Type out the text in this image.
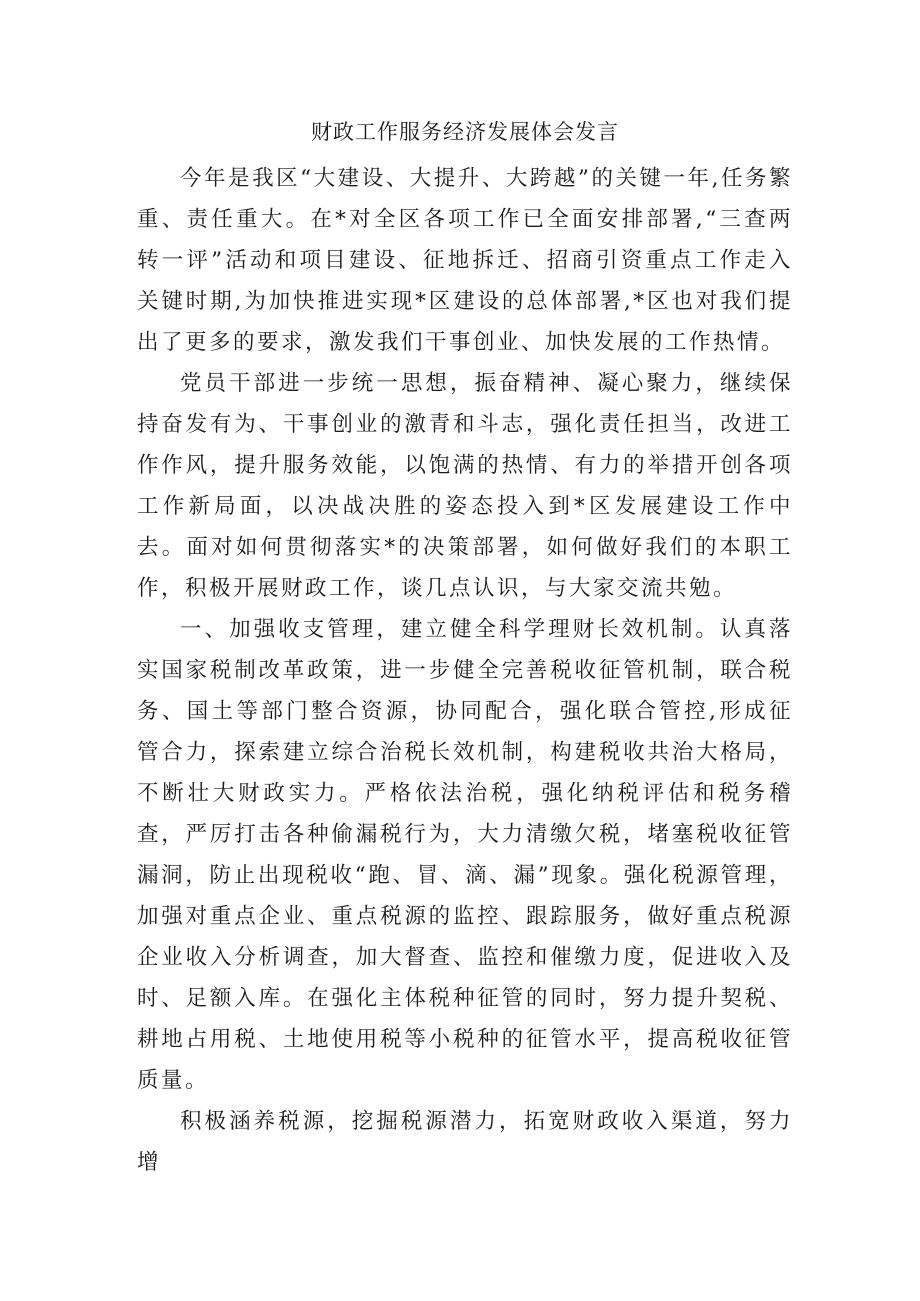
财政工作服务经济发展体会发言

今年是我区“大建设、大提升、大跨越”的关键一年,任务繁重、责任重大。在*对全区各项工作已全面安排部署,“三查两转一评”活动和项目建设、征地拆迁、招商引资重点工作走入关键时期,为加快推进实现*区建设的总体部署,*区也对我们提出了更多的要求，激发我们干事创业、加快发展的工作热情。

党员干部进一步统一思想，振奋精神、凝心聚力，继续保持奋发有为、干事创业的激青和斗志，强化责任担当，改进工作作风，提升服务效能，以饱满的热情、有力的举措开创各项工作新局面，以决战决胜的姿态投入到*区发展建设工作中去。面对如何贯彻落实*的决策部署，如何做好我们的本职工作，积极开展财政工作，谈几点认识，与大家交流共勉。

一、加强收支管理，建立健全科学理财长效机制。认真落实国家税制改革政策，进一步健全完善税收征管机制，联合税务、国土等部门整合资源，协同配合，强化联合管控,形成征管合力，探索建立综合治税长效机制，构建税收共治大格局，不断壮大财政实力。严格依法治税，强化纳税评估和税务稽查，严厉打击各种偷漏税行为，大力清缴欠税，堵塞税收征管漏洞，防止出现税收“跑、冒、滴、漏”现象。强化税源管理，加强对重点企业、重点税源的监控、跟踪服务，做好重点税源企业收入分析调查，加大督查、监控和催缴力度，促进收入及时、足额入库。在强化主体税种征管的同时，努力提升契税、耕地占用税、土地使用税等小税种的征管水平，提高税收征管质量。

积极涵养税源，挖掘税源潜力，拓宽财政收入渠道，努力增
